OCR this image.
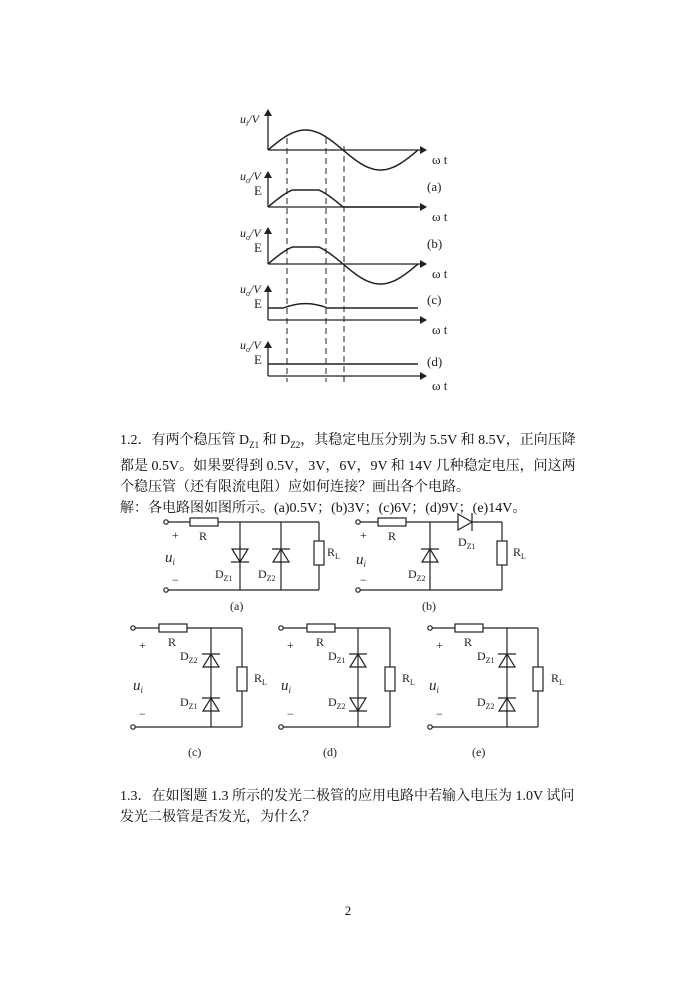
$u_i/V$
$u_o/V$
$u_o/V$
$u_o/V$
$u_o/V$
E
E
E
E
ω t
ω t
ω t
ω t
ω t
(a)
(b)
(c)
(d)

1.2．有两个稳压管 $D_{Z1}$ 和 $D_{Z2}$，其稳定电压分别为 5.5V 和 8.5V，正向压降
都是 0.5V。如果要得到 0.5V，3V，6V，9V 和 14V 几种稳定电压，问这两
个稳压管（还有限流电阻）应如何连接？画出各个电路。
解：各电路图如图所示。(a)0.5V；(b)3V；(c)6V；(d)9V；(e)14V。

+ R
$u_i$
−	$D_{Z1}$ $D_{Z2}$
$R_L$
(a)
+ R
$u_i$
−	$D_{Z2}$
$D_{Z1}$	$R_L$
(b)
+ R
$u_i$
−
$D_{Z2}$
$D_{Z1}$
$R_L$
(c)
+ R
$u_i$
−
$D_{Z1}$
$D_{Z2}$
$R_L$
(d)
+ R
$u_i$
−
$D_{Z1}$
$D_{Z2}$
$R_L$
(e)

1.3．在如图题 1.3 所示的发光二极管的应用电路中若输入电压为 1.0V 试问
发光二极管是否发光，为什么？

2
